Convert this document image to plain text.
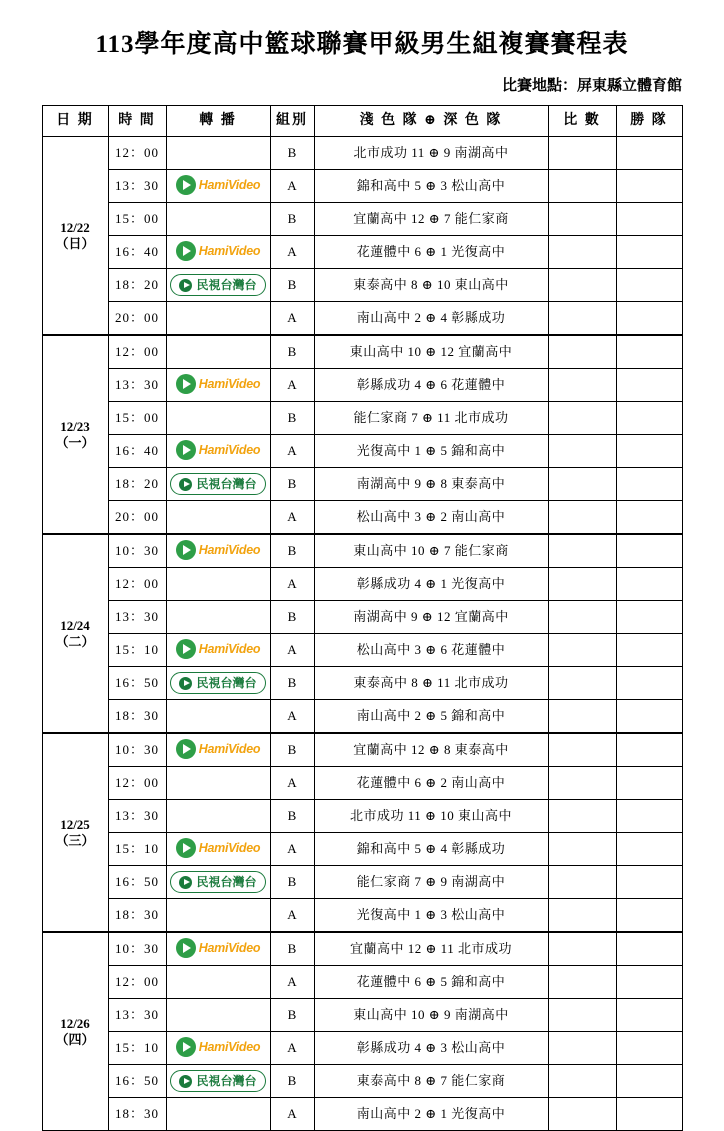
113學年度高中籃球聯賽甲級男生組複賽賽程表
比賽地點：屏東縣立體育館
日 期	時 間	轉 播	組別	淺 色 隊 ⊕ 深 色 隊	比 數	勝 隊

12/22
（日）	12：00		B	北市成功 11 ⊕ 9 南湖高中		
	13：30	HamiVideo	A	錦和高中 5 ⊕ 3 松山高中		
	15：00		B	宜蘭高中 12 ⊕ 7 能仁家商		
	16：40	HamiVideo	A	花蓮體中 6 ⊕ 1 光復高中		
	18：20	民視台灣台	B	東泰高中 8 ⊕ 10 東山高中		
	20：00		A	南山高中 2 ⊕ 4 彰縣成功		

12/23
（一）	12：00		B	東山高中 10 ⊕ 12 宜蘭高中		
	13：30	HamiVideo	A	彰縣成功 4 ⊕ 6 花蓮體中		
	15：00		B	能仁家商 7 ⊕ 11 北市成功		
	16：40	HamiVideo	A	光復高中 1 ⊕ 5 錦和高中		
	18：20	民視台灣台	B	南湖高中 9 ⊕ 8 東泰高中		
	20：00		A	松山高中 3 ⊕ 2 南山高中		

12/24
（二）	10：30	HamiVideo	B	東山高中 10 ⊕ 7 能仁家商		
	12：00		A	彰縣成功 4 ⊕ 1 光復高中		
	13：30		B	南湖高中 9 ⊕ 12 宜蘭高中		
	15：10	HamiVideo	A	松山高中 3 ⊕ 6 花蓮體中		
	16：50	民視台灣台	B	東泰高中 8 ⊕ 11 北市成功		
	18：30		A	南山高中 2 ⊕ 5 錦和高中		

12/25
（三）	10：30	HamiVideo	B	宜蘭高中 12 ⊕ 8 東泰高中		
	12：00		A	花蓮體中 6 ⊕ 2 南山高中		
	13：30		B	北市成功 11 ⊕ 10 東山高中		
	15：10	HamiVideo	A	錦和高中 5 ⊕ 4 彰縣成功		
	16：50	民視台灣台	B	能仁家商 7 ⊕ 9 南湖高中		
	18：30		A	光復高中 1 ⊕ 3 松山高中		

12/26
（四）	10：30	HamiVideo	B	宜蘭高中 12 ⊕ 11 北市成功		
	12：00		A	花蓮體中 6 ⊕ 5 錦和高中		
	13：30		B	東山高中 10 ⊕ 9 南湖高中		
	15：10	HamiVideo	A	彰縣成功 4 ⊕ 3 松山高中		
	16：50	民視台灣台	B	東泰高中 8 ⊕ 7 能仁家商		
	18：30		A	南山高中 2 ⊕ 1 光復高中		
